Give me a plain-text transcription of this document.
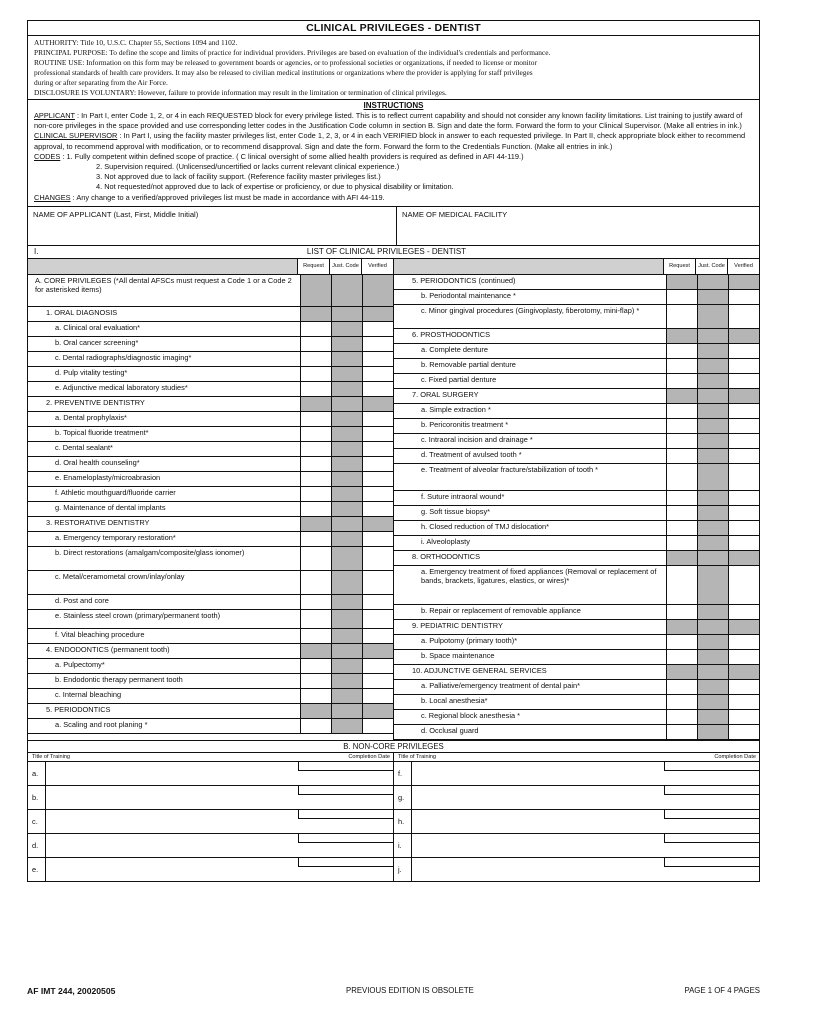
CLINICAL PRIVILEGES - DENTIST
AUTHORITY: Title 10, U.S.C. Chapter 55, Sections 1094 and 1102.
PRINCIPAL PURPOSE: To define the scope and limits of practice for individual providers. Privileges are based on evaluation of the individual's credentials and performance.
ROUTINE USE: Information on this form may be released to government boards or agencies, or to professional societies or organizations, if needed to license or monitor
professional standards of health care providers. It may also be released to civilian medical institutions or organizations where the provider is applying for staff privileges
during or after separating from the Air Force.
DISCLOSURE IS VOLUNTARY: However, failure to provide information may result in the limitation or termination of clinical privileges.
INSTRUCTIONS
APPLICANT : In Part I, enter Code 1, 2, or 4 in each REQUESTED block for every privilege listed. This is to reflect current capability and should not consider any known facility limitations. List training to justify award of non-core privileges in the space provided and use corresponding letter codes in the Justification Code column in section B. Sign and date the form. Forward the form to your Clinical Supervisor. (Make all entries in ink.)
CLINICAL SUPERVISOR : In Part I, using the facility master privileges list, enter Code 1, 2, 3, or 4 in each VERIFIED block in answer to each requested privilege. In Part II, check appropriate block either to recommend approval, to recommend approval with modification, or to recommend disapproval. Sign and date the form. Forward the form to the Credentials Function. (Make all entries in ink.)
CODES : 1. Fully competent within defined scope of practice. ( C linical oversight of some allied health providers is required as defined in AFI 44-119.)
2. Supervision required. (Unlicensed/uncertified or lacks current relevant clinical experience.)
3. Not approved due to lack of facility support. (Reference facility master privileges list.)
4. Not requested/not approved due to lack of expertise or proficiency, or due to physical disability or limitation.
CHANGES : Any change to a verified/approved privileges list must be made in accordance with AFI 44-119.
NAME OF APPLICANT (Last, First, Middle Initial)	NAME OF MEDICAL FACILITY
I.	LIST OF CLINICAL PRIVILEGES - DENTIST
Request	Just. Code	Verified
A. CORE PRIVILEGES (*All dental AFSCs must request a Code 1 or a Code 2 for asterisked items)
1. ORAL DIAGNOSIS
a. Clinical oral evaluation*
b. Oral cancer screening*
c. Dental radiographs/diagnostic imaging*
d. Pulp vitality testing*
e. Adjunctive medical laboratory studies*
2. PREVENTIVE DENTISTRY
a. Dental prophylaxis*
b. Topical fluoride treatment*
c. Dental sealant*
d. Oral health counseling*
e. Enameloplasty/microabrasion
f. Athletic mouthguard/fluoride carrier
g. Maintenance of dental implants
3. RESTORATIVE DENTISTRY
a. Emergency temporary restoration*
b. Direct restorations (amalgam/composite/glass ionomer)
c. Metal/ceramometal crown/inlay/onlay
d. Post and core
e. Stainless steel crown (primary/permanent tooth)
f. Vital bleaching procedure
4. ENDODONTICS (permanent tooth)
a. Pulpectomy*
b. Endodontic therapy permanent tooth
c. Internal bleaching
5. PERIODONTICS
a. Scaling and root planing *
Request	Just. Code	Verified
5. PERIODONTICS (continued)
b. Periodontal maintenance *
c. Minor gingival procedures (Gingivoplasty, fiberotomy, mini-flap) *
6. PROSTHODONTICS
a. Complete denture
b. Removable partial denture
c. Fixed partial denture
7. ORAL SURGERY
a. Simple extraction *
b. Pericoronitis treatment *
c. Intraoral incision and drainage *
d. Treatment of avulsed tooth *
e. Treatment of alveolar fracture/stabilization of tooth *
f. Suture intraoral wound*
g. Soft tissue biopsy*
h. Closed reduction of TMJ dislocation*
i. Alveoloplasty
8. ORTHODONTICS
a. Emergency treatment of fixed appliances (Removal or replacement of bands, brackets, ligatures, elastics, or wires)*
b. Repair or replacement of removable appliance
9. PEDIATRIC DENTISTRY
a. Pulpotomy (primary tooth)*
b. Space maintenance
10. ADJUNCTIVE GENERAL SERVICES
a. Palliative/emergency treatment of dental pain*
b. Local anesthesia*
c. Regional block anesthesia *
d. Occlusal guard
B. NON-CORE PRIVILEGES
Title of Training	Completion Date
a.
b.
c.
d.
e.
Title of Training	Completion Date
f.
g.
h.
i.
j.
AF IMT 244, 20020505	PREVIOUS EDITION IS OBSOLETE	PAGE 1 OF 4 PAGES
